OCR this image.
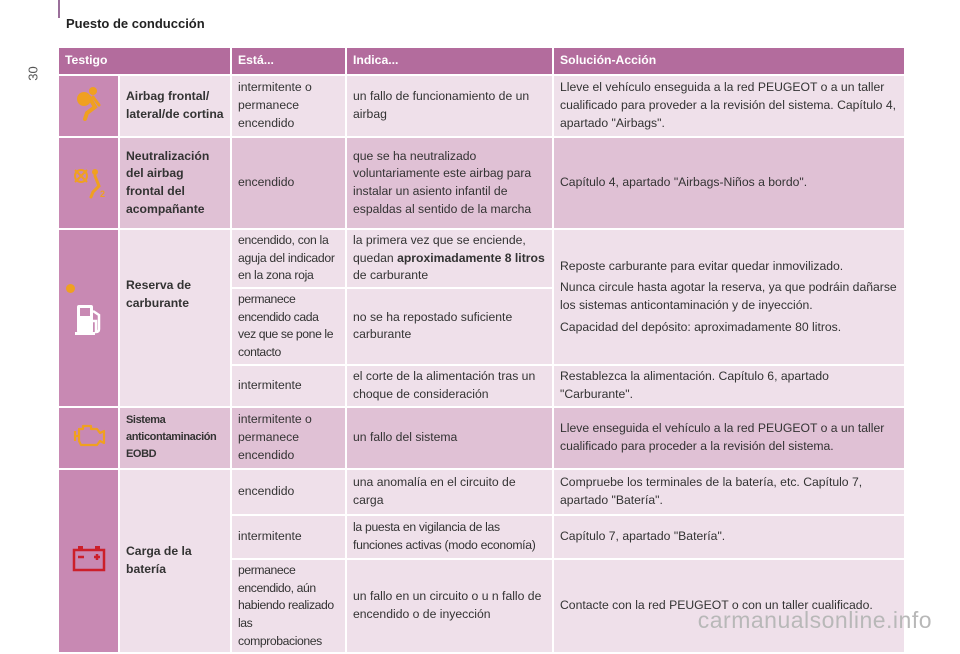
30
Puesto de conducción
Testigo		Está...	Indica...	Solución-Acción
	Airbag frontal/ lateral/de cortina	intermitente o permanece encendido	un fallo de funcionamiento de un airbag	Lleve el vehículo enseguida a la red PEUGEOT o a un taller cualificado para proveder a la revisión del sistema. Capítulo 4, apartado "Airbags".

2	Neutralización del airbag frontal del acompañante	encendido	que se ha neutralizado voluntariamente este airbag para instalar un asiento infantil de espaldas al sentido de la marcha	Capítulo 4, apartado "Airbags-Niños a bordo".

	Reserva de carburante	encendido, con la aguja del indicador en la zona roja	la primera vez que se enciende, quedan aproximadamente 8 litros de carburante	Reposte carburante para evitar quedar inmovilizado.
Nunca circule hasta agotar la reserva, ya que podráin dañarse los sistemas anticontaminación y de inyección.
Capacidad del depósito: aproximadamente 80 litros.

		permanece encendido cada vez que se pone le contacto	no se ha repostado suficiente carburante	
		intermitente	el corte de la alimentación tras un choque de consideración	Restablezca la alimentación. Capítulo 6, apartado "Carburante".
	Sistema anticontaminación EOBD	intermitente o permanece encendido	un fallo del sistema	Lleve enseguida el vehículo a la red PEUGEOT o a un taller cualificado para proceder a la revisión del sistema.
	Carga de la batería	encendido	una anomalía en el circuito de carga	Compruebe los terminales de la batería, etc. Capítulo 7, apartado "Batería".
		intermitente	la puesta en vigilancia de las funciones activas (modo economía)	Capítulo 7, apartado "Batería".
		permanece encendido, aún habiendo realizado las comprobaciones	un fallo en un circuito o u n fallo de encendido o de inyección	Contacte con la red PEUGEOT o con un taller cualificado.
carmanualsonline.info
